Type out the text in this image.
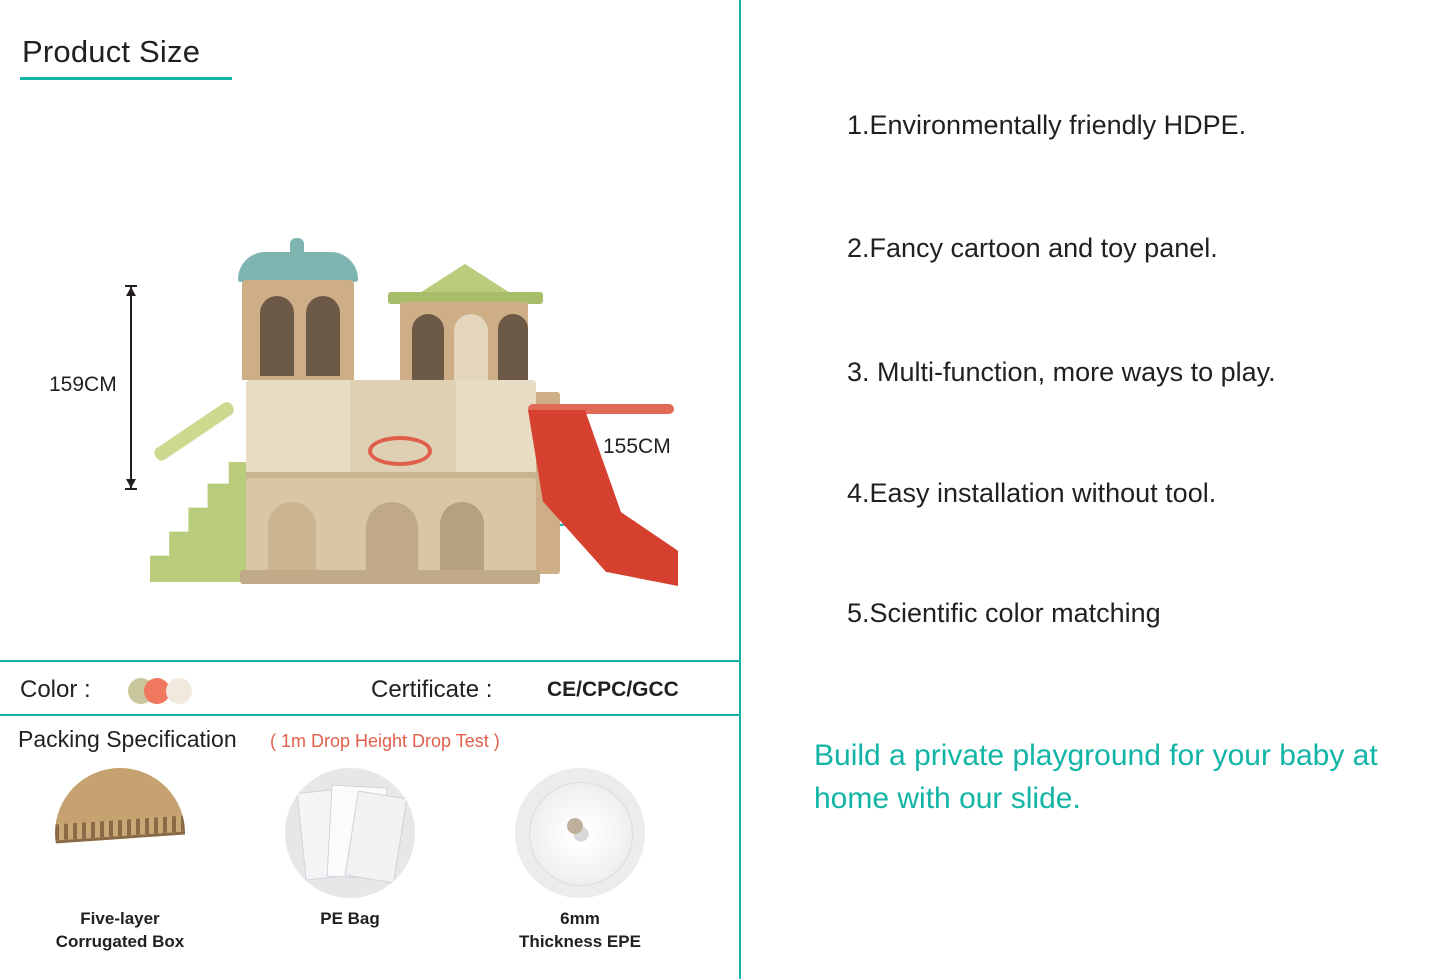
Product Size
159CM
155CM
Color :	Certificate :	CE/CPC/GCC
Packing Specification ( 1m Drop Height Drop Test )
Five-layer
Corrugated Box
PE Bag	6mm
Thickness EPE
1.Environmentally friendly HDPE.
2.Fancy cartoon and toy panel.
3. Multi-function, more ways to play.
4.Easy installation without tool.
5.Scientific color matching
Build a private playground for your baby at home with our slide.
